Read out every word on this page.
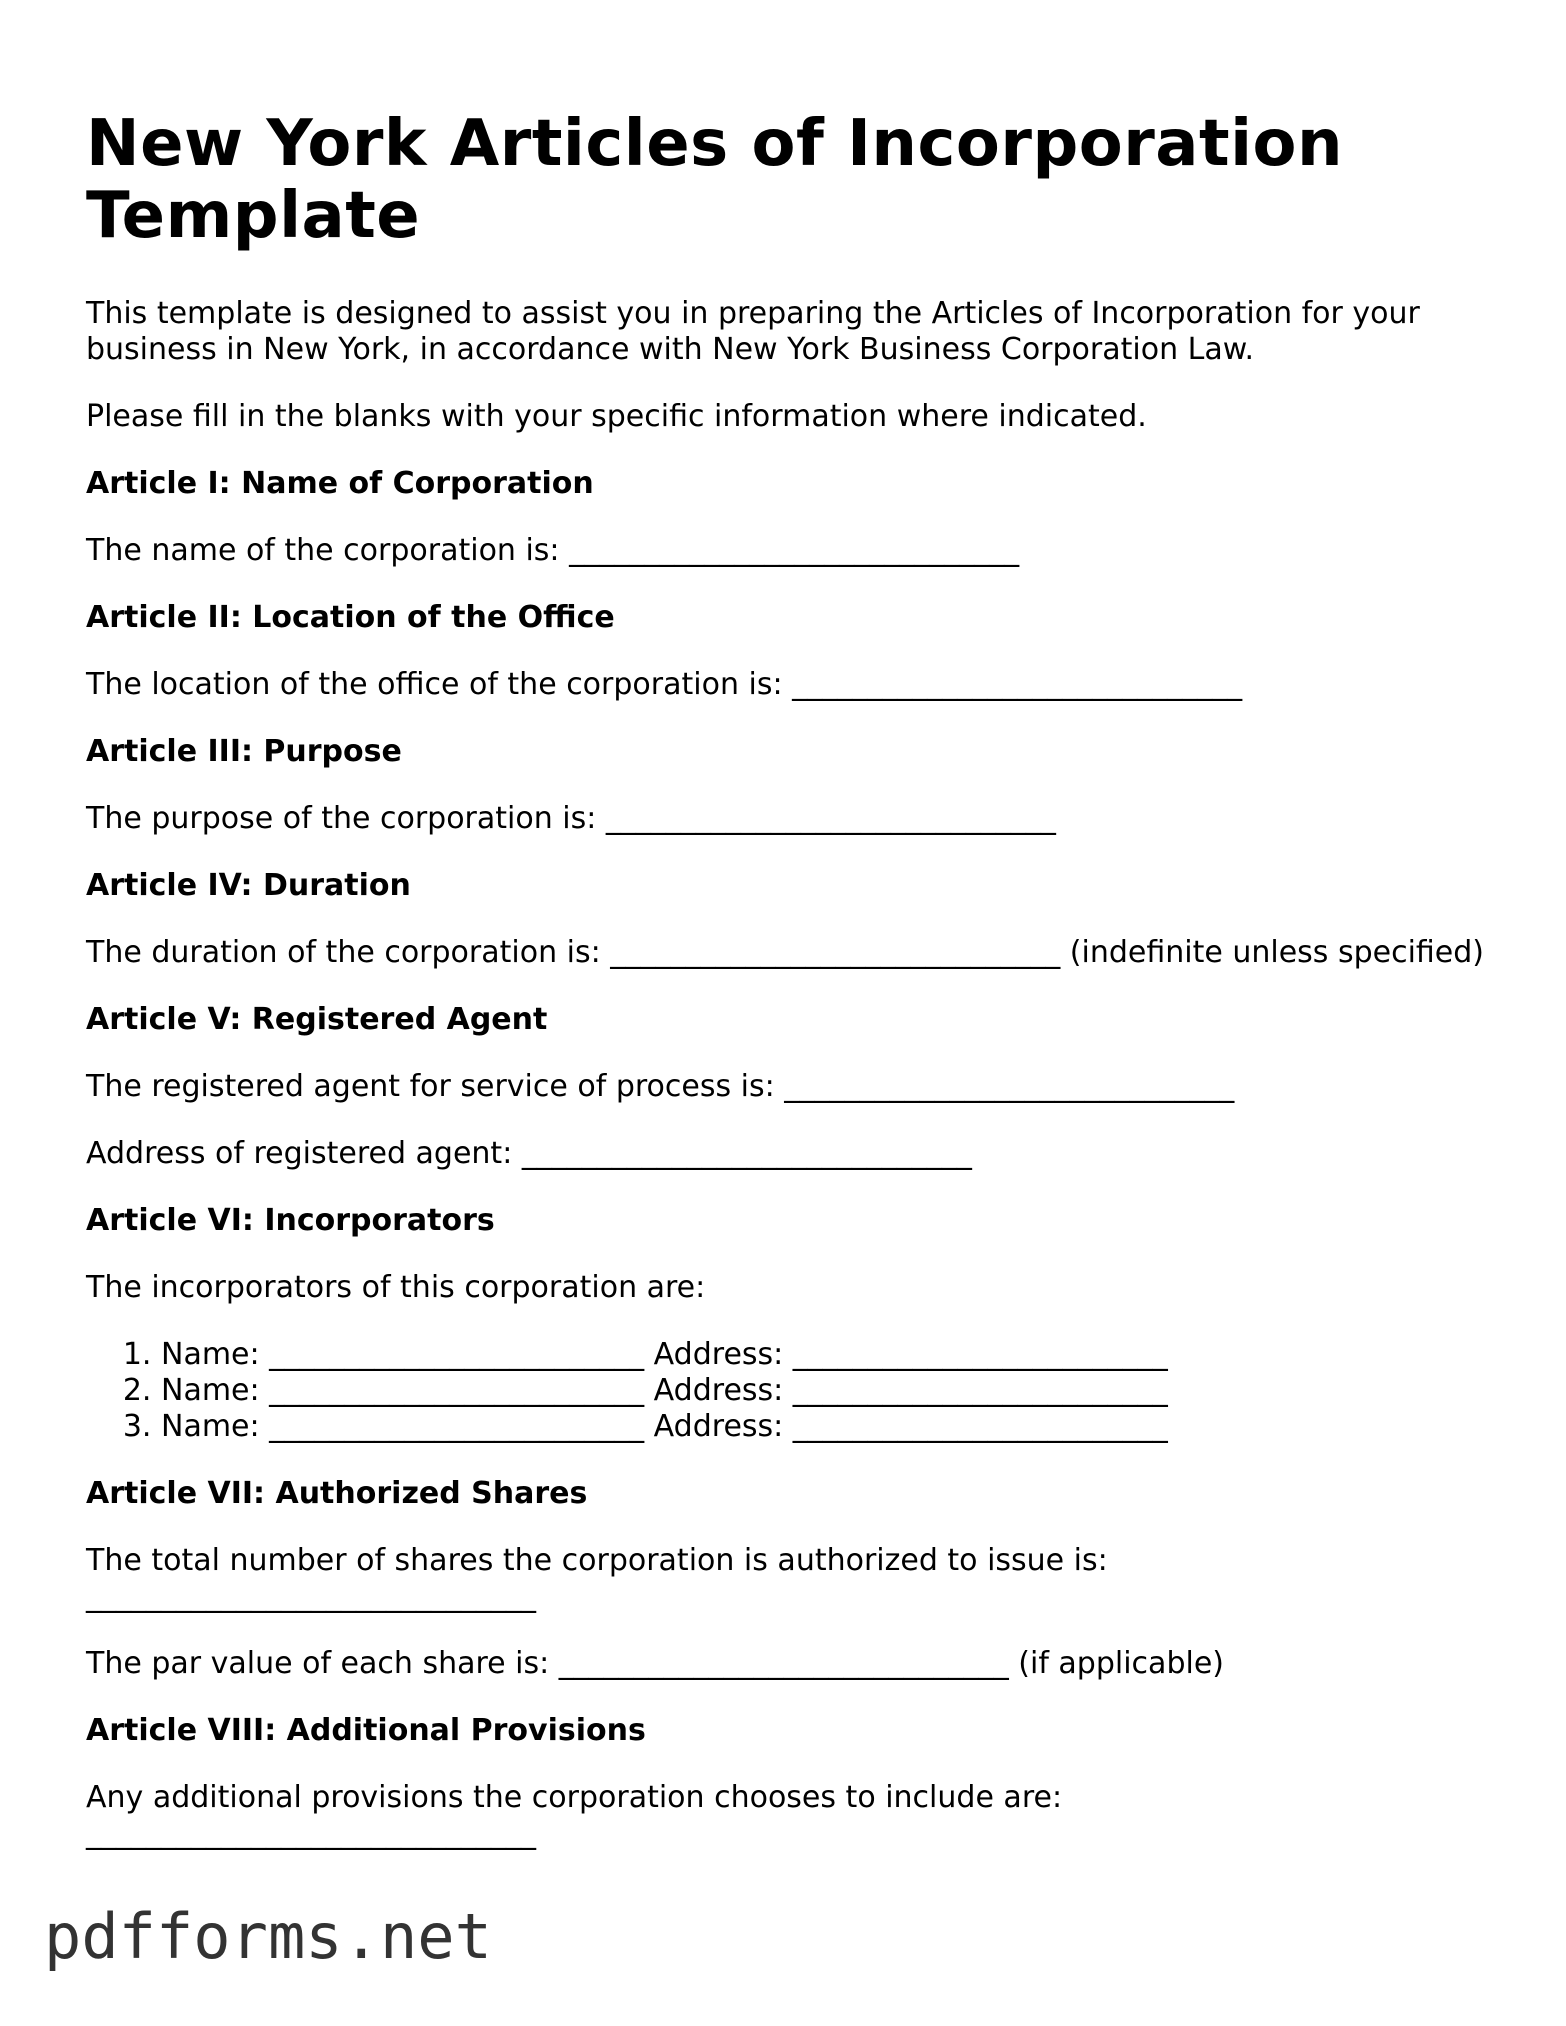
New York Articles of Incorporation Template

This template is designed to assist you in preparing the Articles of Incorporation for your business in New York, in accordance with New York Business Corporation Law.

Please fill in the blanks with your specific information where indicated.

Article I: Name of Corporation

The name of the corporation is: ______________________________

Article II: Location of the Office

The location of the office of the corporation is: ______________________________

Article III: Purpose

The purpose of the corporation is: ______________________________

Article IV: Duration

The duration of the corporation is: ______________________________ (indefinite unless specified)

Article V: Registered Agent

The registered agent for service of process is: ______________________________

Address of registered agent: ______________________________

Article VI: Incorporators

The incorporators of this corporation are:

1. Name: _________________________ Address: _________________________
2. Name: _________________________ Address: _________________________
3. Name: _________________________ Address: _________________________

Article VII: Authorized Shares

The total number of shares the corporation is authorized to issue is: ______________________________

The par value of each share is: ______________________________ (if applicable)

Article VIII: Additional Provisions

Any additional provisions the corporation chooses to include are: ______________________________

pdfforms.net
